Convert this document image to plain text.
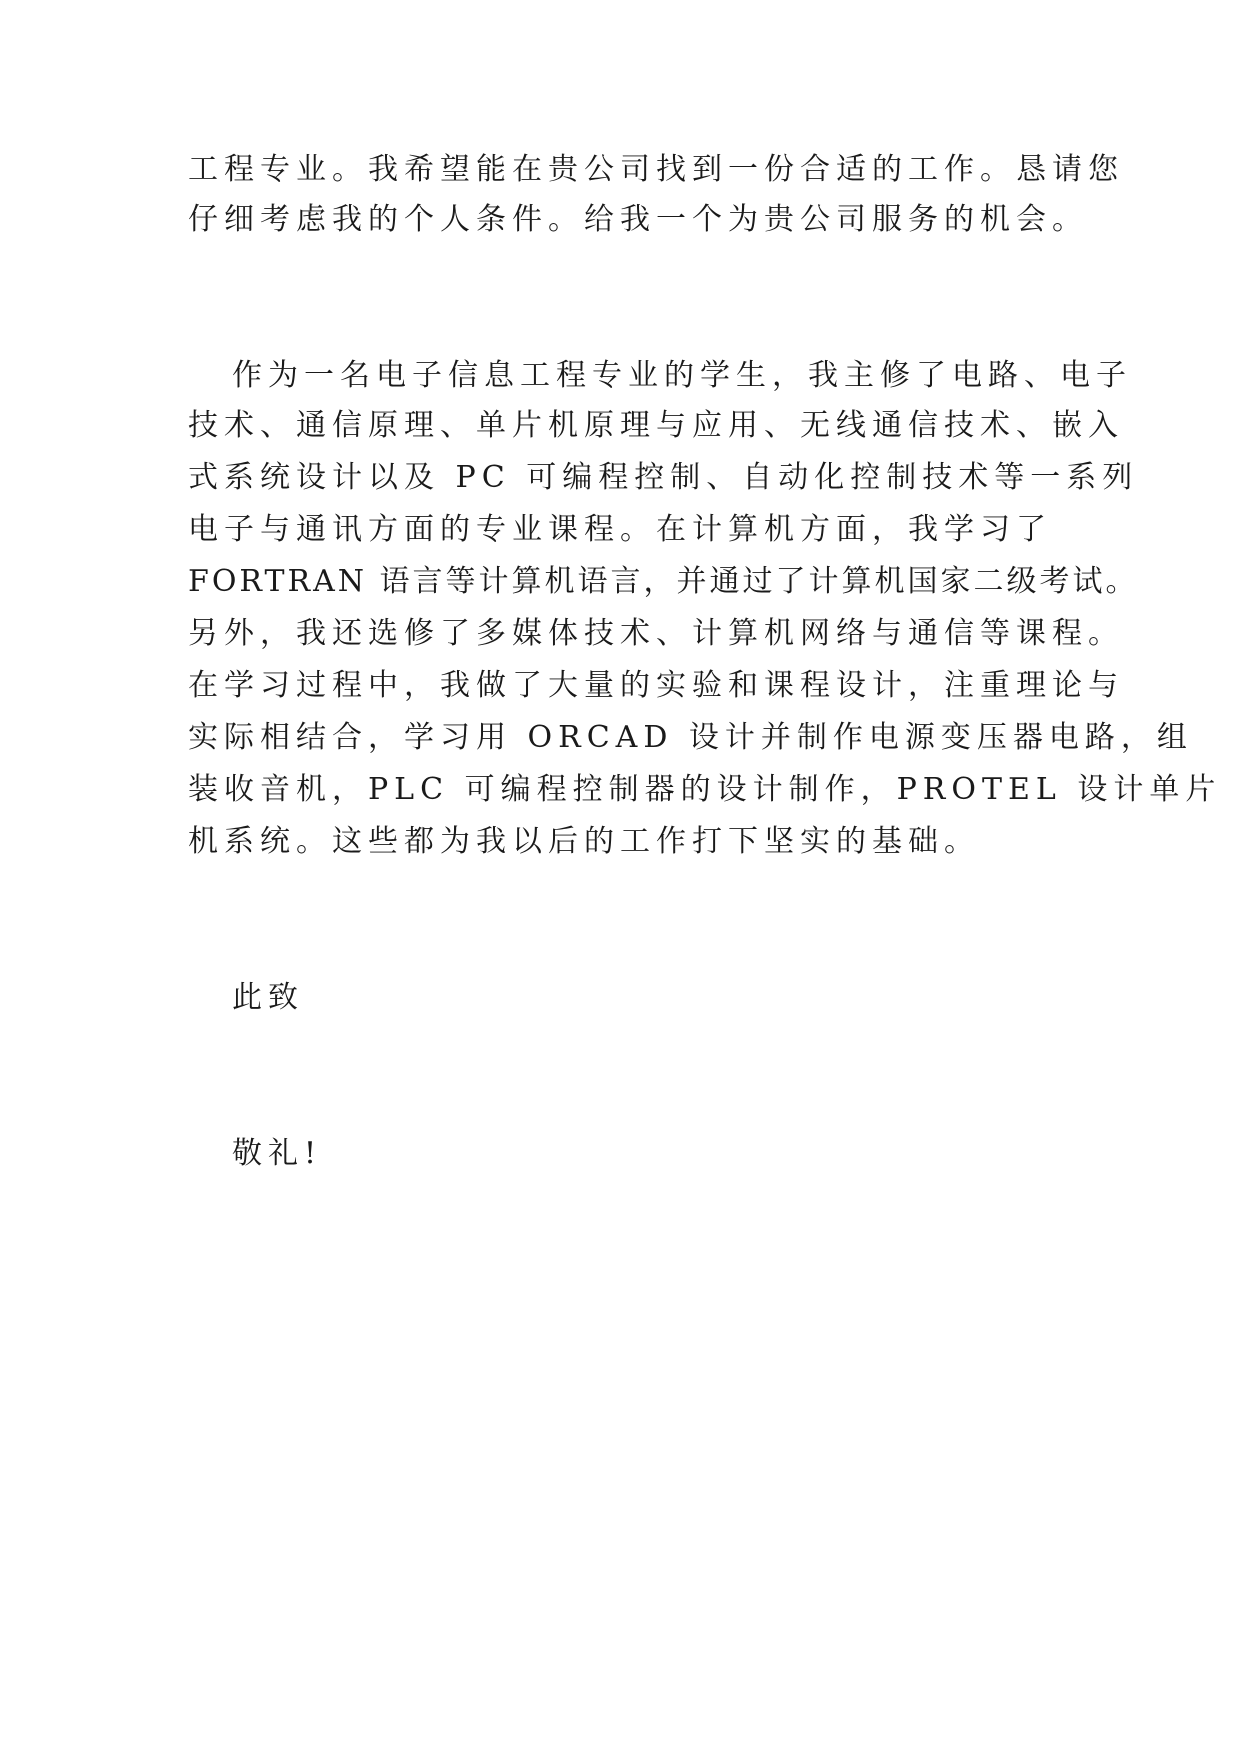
工程专业。我希望能在贵公司找到一份合适的工作。恳请您
仔细考虑我的个人条件。给我一个为贵公司服务的机会。
作为一名电子信息工程专业的学生，我主修了电路、电子
技术、通信原理、单片机原理与应用、无线通信技术、嵌入
式系统设计以及 PC 可编程控制、自动化控制技术等一系列
电子与通讯方面的专业课程。在计算机方面，我学习了
FORTRAN 语言等计算机语言，并通过了计算机国家二级考试。
另外，我还选修了多媒体技术、计算机网络与通信等课程。
在学习过程中，我做了大量的实验和课程设计，注重理论与
实际相结合，学习用 ORCAD 设计并制作电源变压器电路，组
装收音机，PLC 可编程控制器的设计制作，PROTEL 设计单片
机系统。这些都为我以后的工作打下坚实的基础。
此致
敬礼!
